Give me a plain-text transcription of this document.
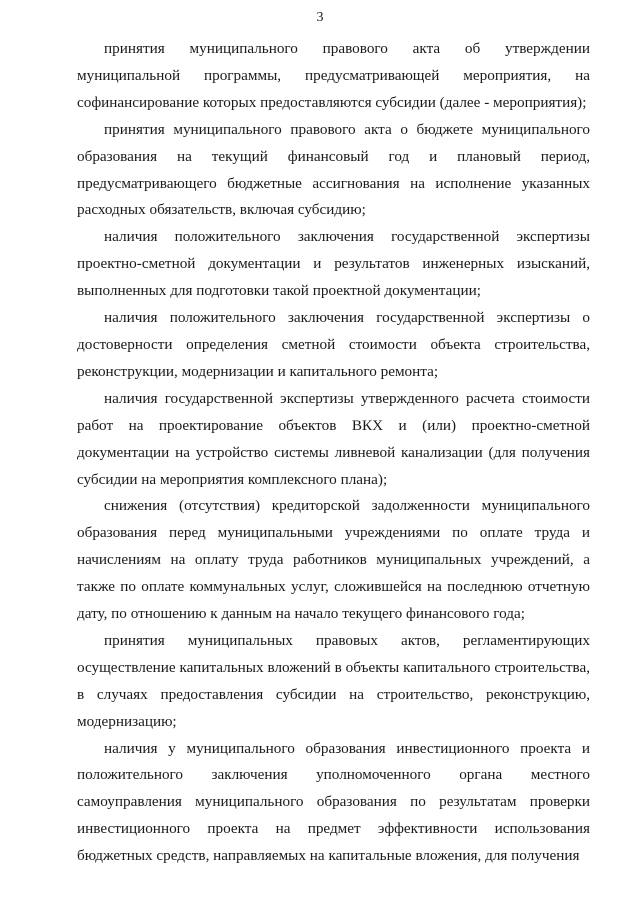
3

принятия муниципального правового акта об утверждении муниципальной программы, предусматривающей мероприятия, на софинансирование которых предоставляются субсидии (далее - мероприятия);

принятия муниципального правового акта о бюджете муниципального образования на текущий финансовый год и плановый период, предусматривающего бюджетные ассигнования на исполнение указанных расходных обязательств, включая субсидию;

наличия положительного заключения государственной экспертизы проектно-сметной документации и результатов инженерных изысканий, выполненных для подготовки такой проектной документации;

наличия положительного заключения государственной экспертизы о достоверности определения сметной стоимости объекта строительства, реконструкции, модернизации и капитального ремонта;

наличия государственной экспертизы утвержденного расчета стоимости работ на проектирование объектов ВКХ и (или) проектно-сметной документации на устройство системы ливневой канализации (для получения субсидии на мероприятия комплексного плана);

снижения (отсутствия) кредиторской задолженности муниципального образования перед муниципальными учреждениями по оплате труда и начислениям на оплату труда работников муниципальных учреждений, а также по оплате коммунальных услуг, сложившейся на последнюю отчетную дату, по отношению к данным на начало текущего финансового года;

принятия муниципальных правовых актов, регламентирующих осуществление капитальных вложений в объекты капитального строительства, в случаях предоставления субсидии на строительство, реконструкцию, модернизацию;

наличия у муниципального образования инвестиционного проекта и положительного заключения уполномоченного органа местного самоуправления муниципального образования по результатам проверки инвестиционного проекта на предмет эффективности использования бюджетных средств, направляемых на капитальные вложения, для получения
